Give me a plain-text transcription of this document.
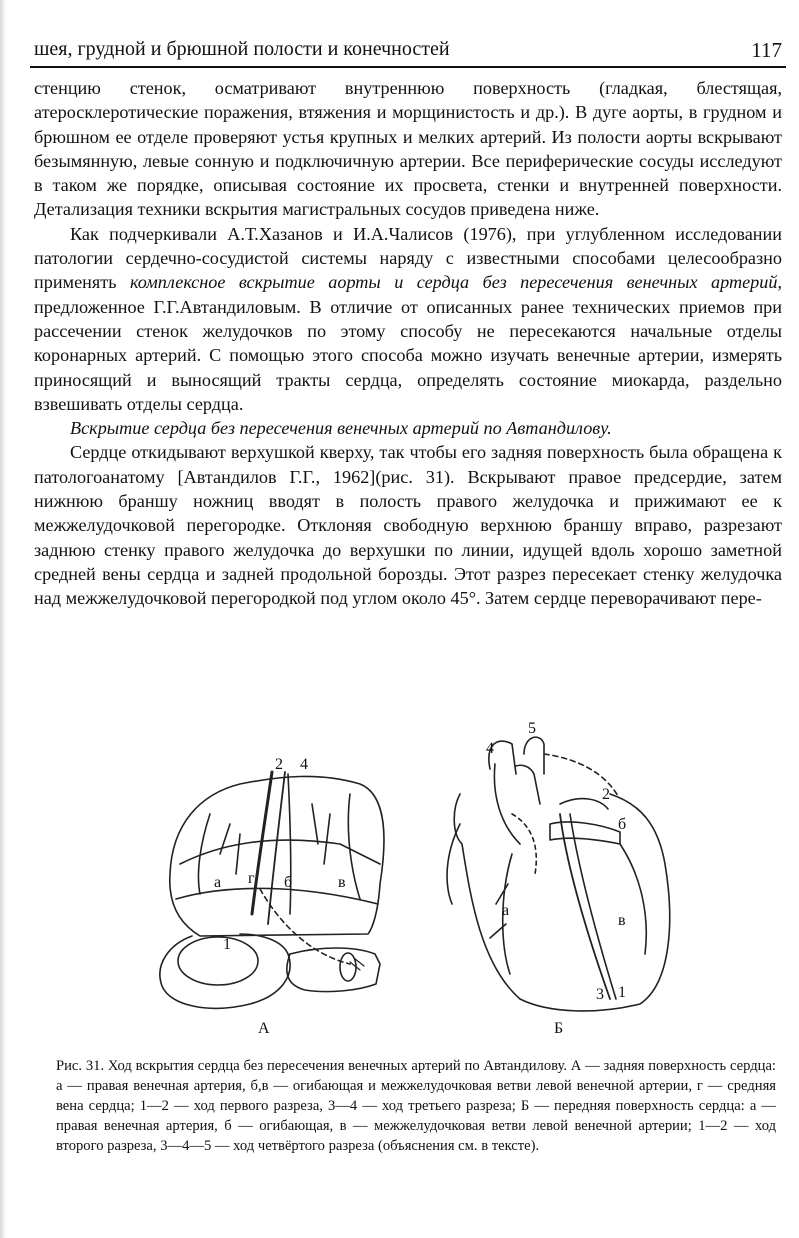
шея, грудной и брюшной полости и конечностей	117

стенцию стенок, осматривают внутреннюю поверхность (гладкая, блестящая, атеросклеротические поражения, втяжения и морщинистость и др.). В дуге аорты, в грудном и брюшном ее отделе проверяют устья крупных и мелких артерий. Из полости аорты вскрывают безымянную, левые сонную и подключичную артерии. Все периферические сосуды исследуют в таком же порядке, описывая состояние их просвета, стенки и внутренней поверхности. Детализация техники вскрытия магистральных сосудов приведена ниже.

Как подчеркивали А.Т.Хазанов и И.А.Чалисов (1976), при углубленном исследовании патологии сердечно-сосудистой системы наряду с известными способами целесообразно применять комплексное вскрытие аорты и сердца без пересечения венечных артерий, предложенное Г.Г.Автандиловым. В отличие от описанных ранее технических приемов при рассечении стенок желудочков по этому способу не пересекаются начальные отделы коронарных артерий. С помощью этого способа можно изучать венечные артерии, измерять приносящий и выносящий тракты сердца, определять состояние миокарда, раздельно взвешивать отделы сердца.

Вскрытие сердца без пересечения венечных артерий по Автандилову.

Сердце откидывают верхушкой кверху, так чтобы его задняя поверхность была обращена к патологоанатому [Автандилов Г.Г., 1962](рис. 31). Вскрывают правое предсердие, затем нижнюю браншу ножниц вводят в полость правого желудочка и прижимают ее к межжелудочковой перегородке. Отклоняя свободную верхнюю браншу вправо, разрезают заднюю стенку правого желудочка до верхушки по линии, идущей вдоль хорошо заметной средней вены сердца и задней продольной борозды. Этот разрез пересекает стенку желудочка над межжелудочковой перегородкой под углом около 45°. Затем сердце переворачивают пере-

2 4
а г б	в
1
А
4
5
2
б
а
в
3 1
Б

Рис. 31. Ход вскрытия сердца без пересечения венечных артерий по Автандилову. А — задняя поверхность сердца: а — правая венечная артерия, б,в — огибающая и межжелудочковая ветви левой венечной артерии, г — средняя вена сердца; 1—2 — ход первого разреза, 3—4 — ход третьего разреза; Б — передняя поверхность сердца: а — правая венечная артерия, б — огибающая, в — межжелудочковая ветви левой венечной артерии; 1—2 — ход второго разреза, 3—4—5 — ход четвёртого разреза (объяснения см. в тексте).
